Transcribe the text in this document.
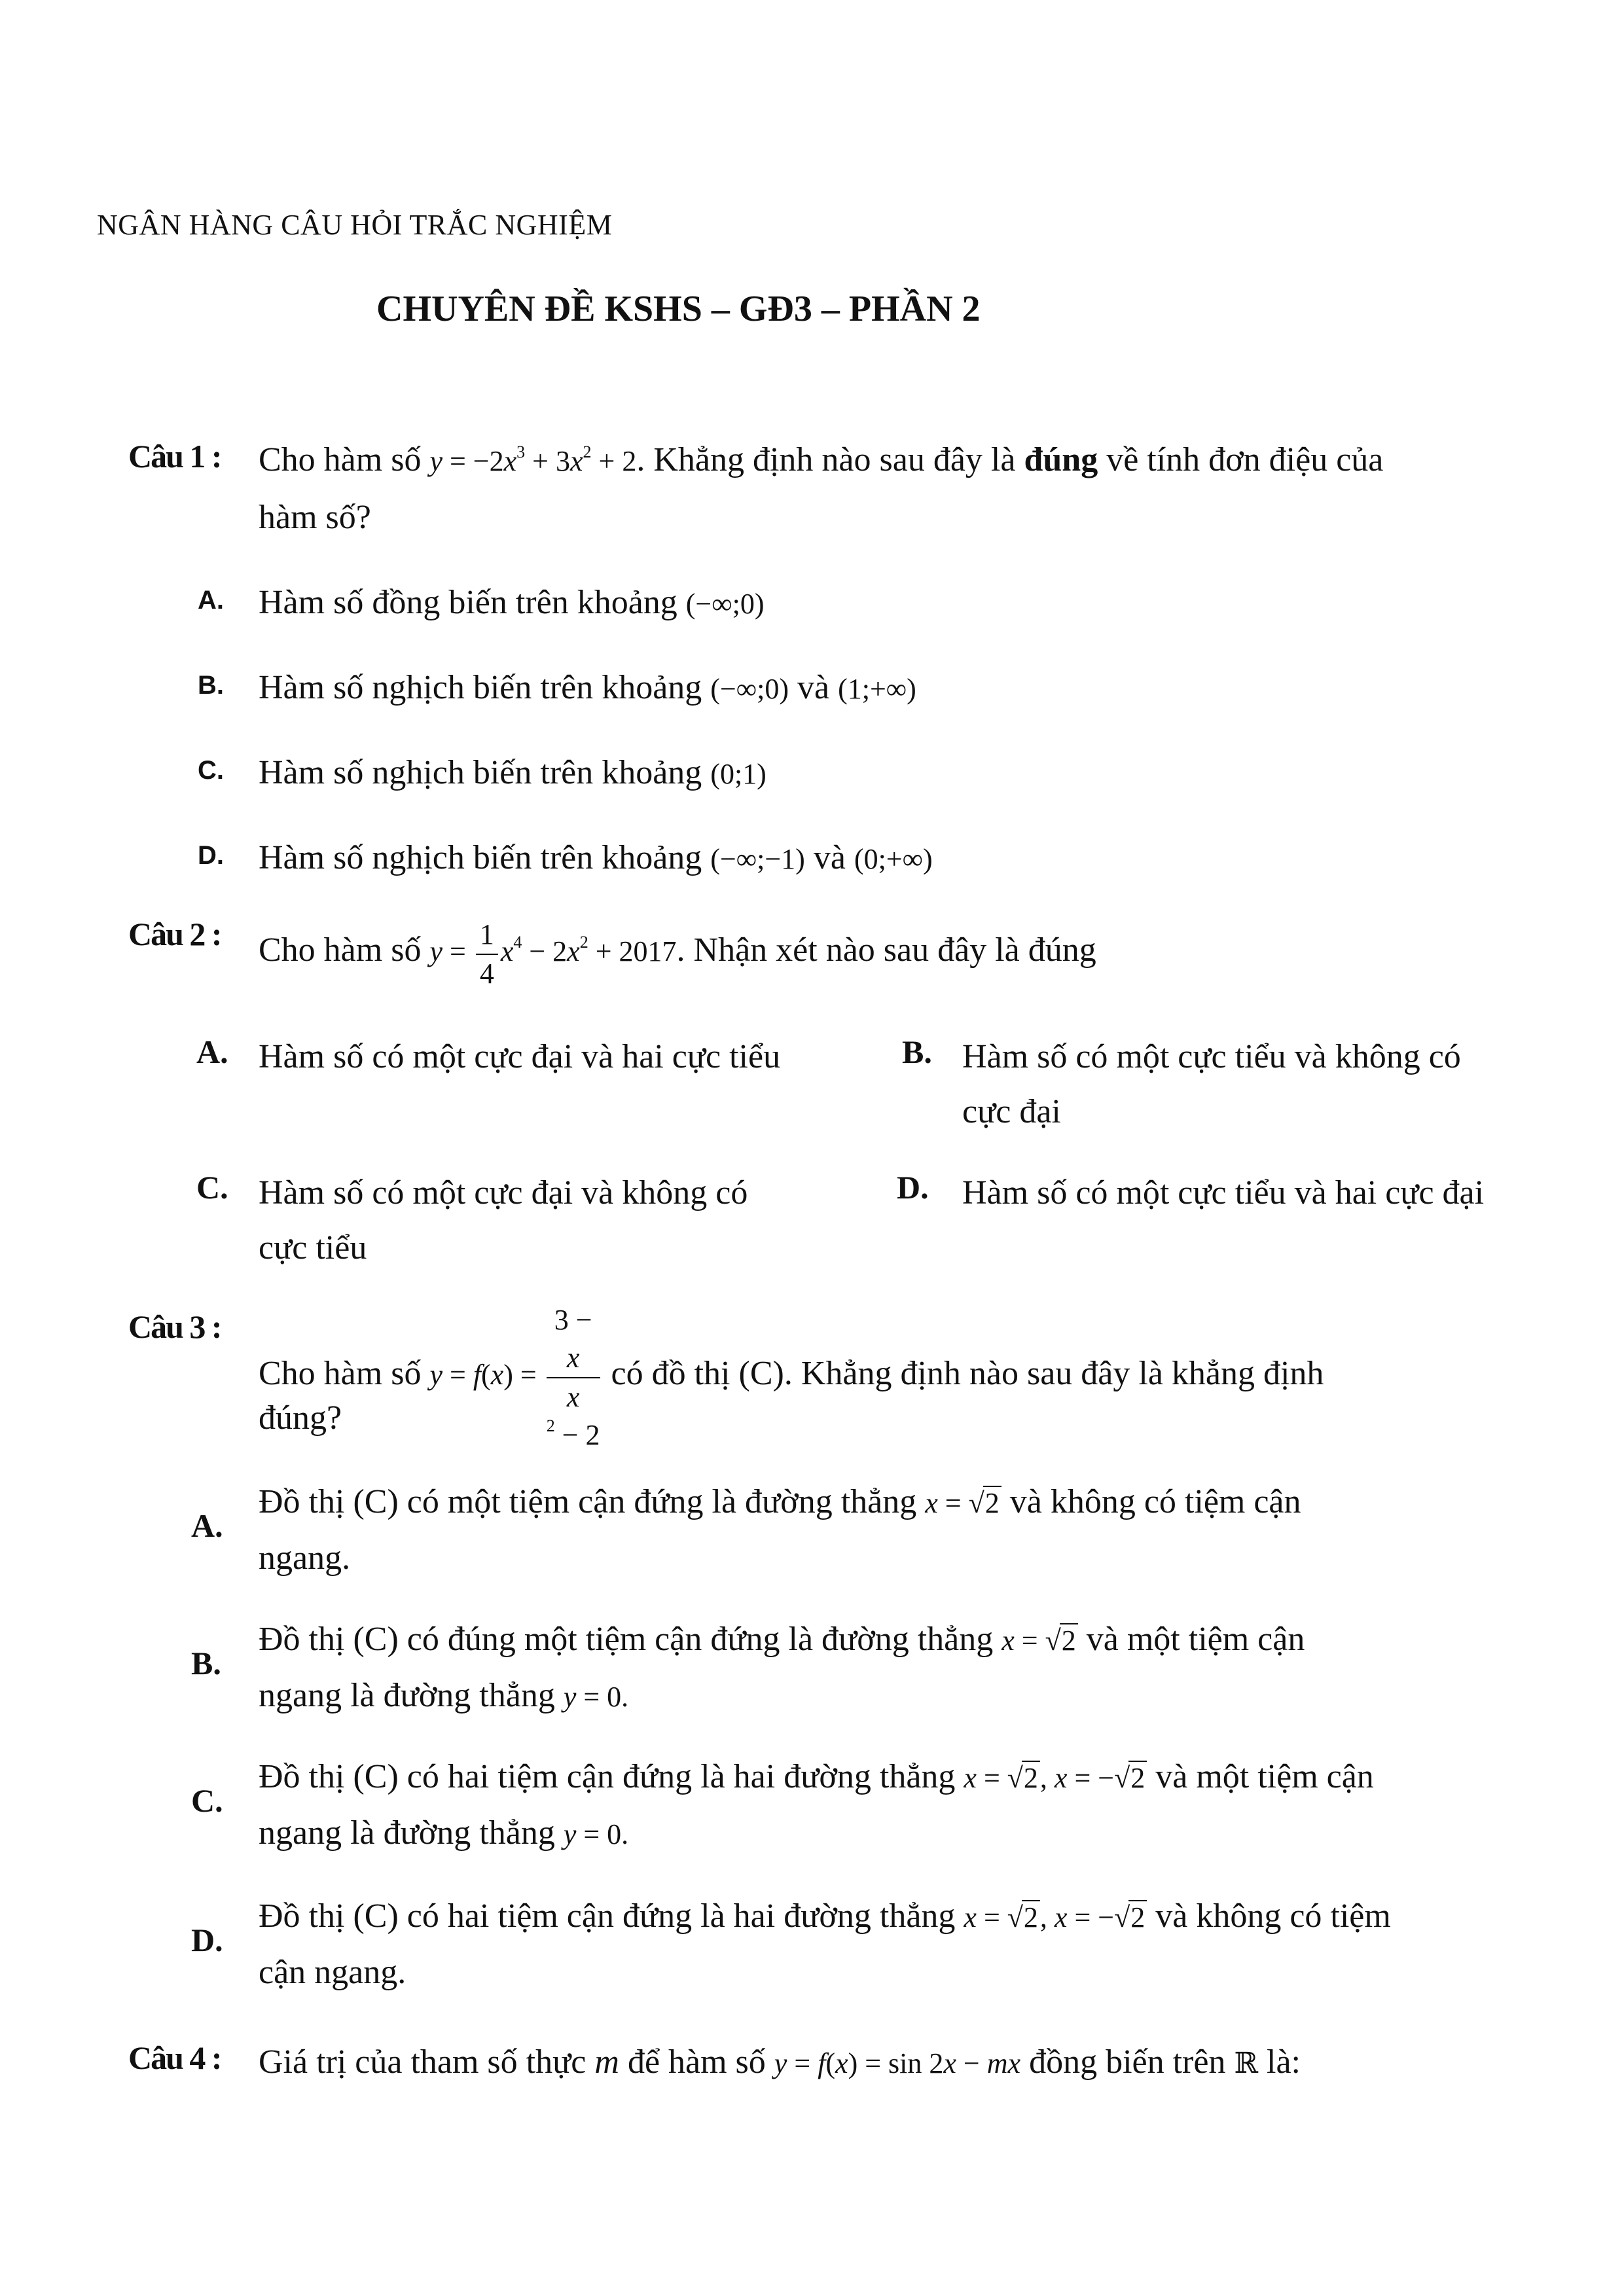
NGÂN HÀNG CÂU HỎI TRẮC NGHIỆM
CHUYÊN ĐỀ KSHS – GĐ3 – PHẦN 2
Câu 1 : Cho hàm số $y = -2x^3 + 3x^2 + 2$. Khẳng định nào sau đây là đúng về tính đơn điệu của
hàm số?
A. Hàm số đồng biến trên khoảng (−∞;0)
B. Hàm số nghịch biến trên khoảng (−∞;0) và (1;+∞)
C. Hàm số nghịch biến trên khoảng (0;1)
D. Hàm số nghịch biến trên khoảng (−∞;−1) và (0;+∞)
Câu 2 : Cho hàm số $y = \frac{1}{4} x^4 - 2x^2 + 2017$. Nhận xét nào sau đây là đúng
A. Hàm số có một cực đại và hai cực tiểu	B. Hàm số có một cực tiểu và không có
cực đại
C. Hàm số có một cực đại và không có
cực tiểu
D. Hàm số có một cực tiểu và hai cực đại
Câu 3 :
Cho hàm số y = f(x) = 3 −
x
x
$^2$ − 2 có đồ thị (C). Khẳng định nào sau đây là khẳng định
đúng?
A.
Đồ thị (C) có một tiệm cận đứng là đường thẳng x = √2 và không có tiệm cận
ngang.
B.
Đồ thị (C) có đúng một tiệm cận đứng là đường thẳng x = √2 và một tiệm cận
ngang là đường thẳng y = 0.
C.
Đồ thị (C) có hai tiệm cận đứng là hai đường thẳng x = √2, x = −√2 và một tiệm cận
ngang là đường thẳng y = 0.
D.
Đồ thị (C) có hai tiệm cận đứng là hai đường thẳng x = √2, x = −√2 và không có tiệm
cận ngang.
Câu 4 : Giá trị của tham số thực m để hàm số y = f(x) = sin 2x − mx đồng biến trên ℝ là:
